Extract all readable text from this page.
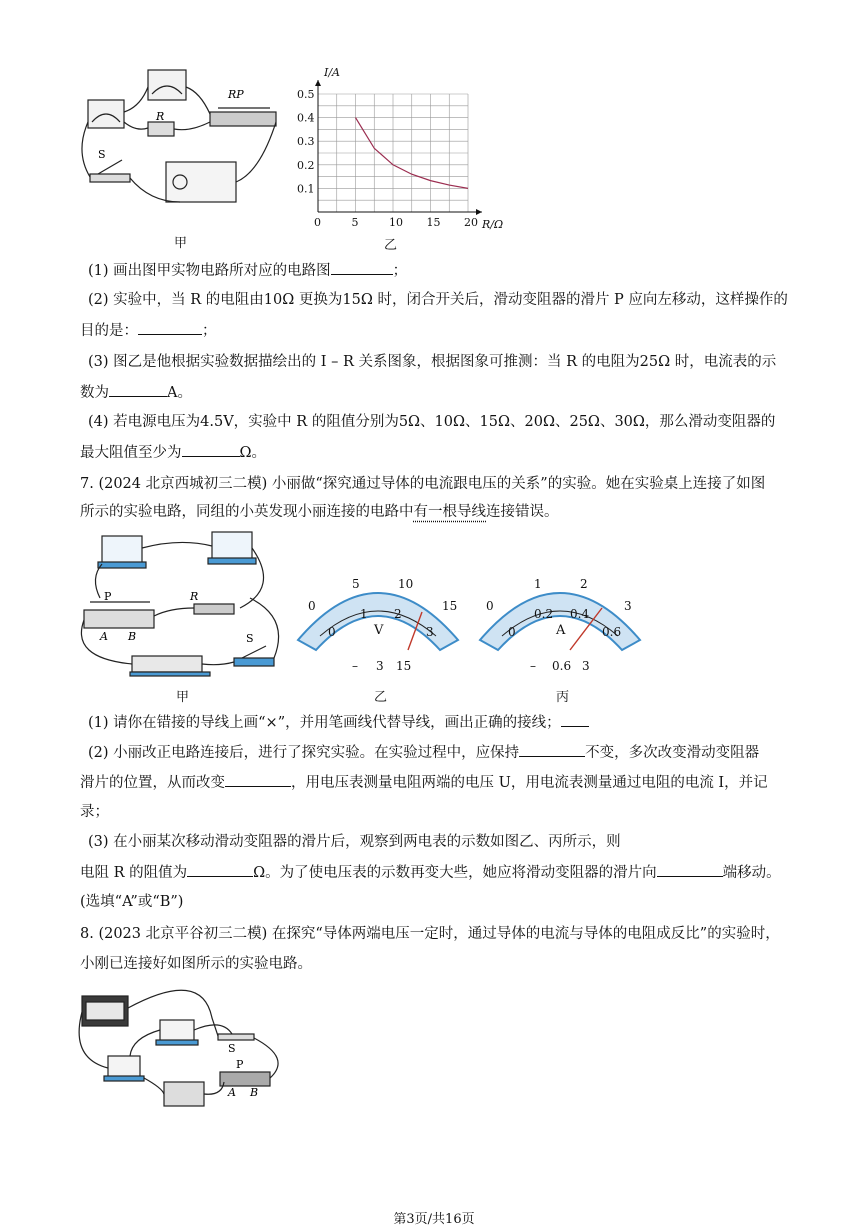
RP
R
S
甲
0	5	10 15 20
0.1
0.2
0.3
0.4
0.5
I/A
R/Ω
乙
(1) 画出图甲实物电路所对应的电路图	；
(2) 实验中，当 R 的电阻由10Ω 更换为15Ω 时，闭合开关后，滑动变阻器的滑片 P 应向左移动，这样操作的
目的是：	；
(3) 图乙是他根据实验数据描绘出的 I – R 关系图象，根据图象可推测：当 R 的电阻为25Ω 时，电流表的示
数为	A。
(4) 若电源电压为4.5V，实验中 R 的阻值分别为5Ω、10Ω、15Ω、20Ω、25Ω、30Ω，那么滑动变阻器的
最大阻值至少为	Ω。
7. (2024 北京西城初三二模) 小丽做“探究通过导体的电流跟电压的关系”的实验。她在实验桌上连接了如图
所示的实验电路，同组的小英发现小丽连接的电路中有一根导线连接错误。
P	R
A B	S
甲
0
5	10
15
0
1 2
3
V
– 3 15
乙
0
1	2
3
0
0.2 0.4
0.6
A
– 0.6 3
丙
(1) 请你在错接的导线上画“×”，并用笔画线代替导线，画出正确的接线；
(2) 小丽改正电路连接后，进行了探究实验。在实验过程中，应保持	不变，多次改变滑动变阻器
滑片的位置，从而改变	，用电压表测量电阻两端的电压 U，用电流表测量通过电阻的电流 I，并记
录；
(3) 在小丽某次移动滑动变阻器的滑片后，观察到两电表的示数如图乙、丙所示，则
电阻 R 的阻值为	Ω。为了使电压表的示数再变大些，她应将滑动变阻器的滑片向	端移动。
(选填“A”或“B”)
8. (2023 北京平谷初三二模) 在探究“导体两端电压一定时，通过导体的电流与导体的电阻成反比”的实验时，
小刚已连接好如图所示的实验电路。
S
P
A B
第3页/共16页
